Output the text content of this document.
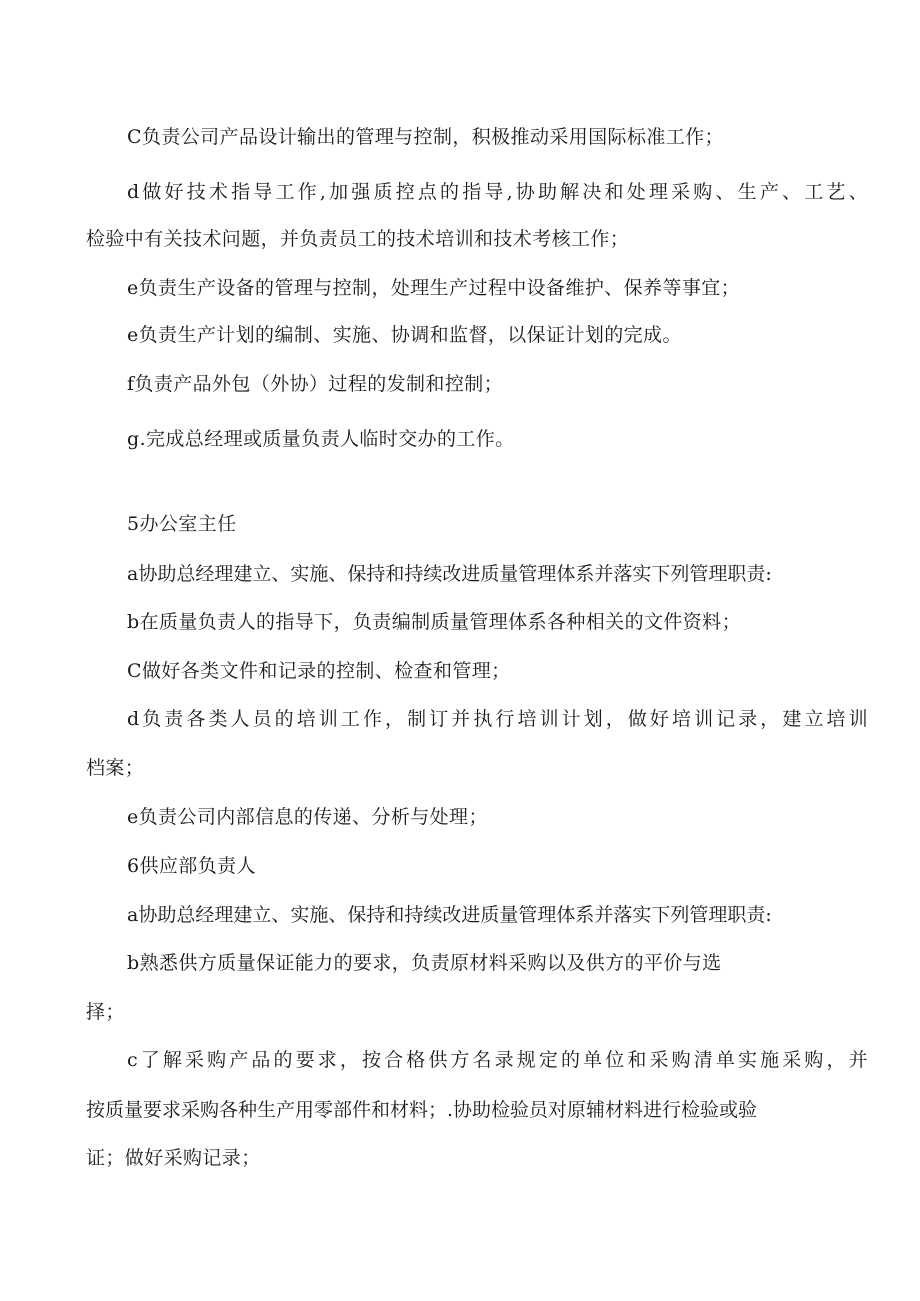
C负责公司产品设计输出的管理与控制，积极推动采用国际标准工作；
d做好技术指导工作,加强质控点的指导,协助解决和处理采购、生产、工艺、
检验中有关技术问题，并负责员工的技术培训和技术考核工作；
e负责生产设备的管理与控制，处理生产过程中设备维护、保养等事宜；
e负责生产计划的编制、实施、协调和监督，以保证计划的完成。
f负责产品外包（外协）过程的发制和控制；
g.完成总经理或质量负责人临时交办的工作。
5办公室主任
a协助总经理建立、实施、保持和持续改进质量管理体系并落实下列管理职责:
b在质量负责人的指导下，负责编制质量管理体系各种相关的文件资料；
C做好各类文件和记录的控制、检查和管理；
d负责各类人员的培训工作，制订并执行培训计划，做好培训记录，建立培训
档案；
e负责公司内部信息的传递、分析与处理；
6供应部负责人
a协助总经理建立、实施、保持和持续改进质量管理体系并落实下列管理职责:
b熟悉供方质量保证能力的要求，负责原材料采购以及供方的平价与选
择；
c了解采购产品的要求，按合格供方名录规定的单位和采购清单实施采购，并
按质量要求采购各种生产用零部件和材料；.协助检验员对原辅材料进行检验或验
证；做好采购记录；
